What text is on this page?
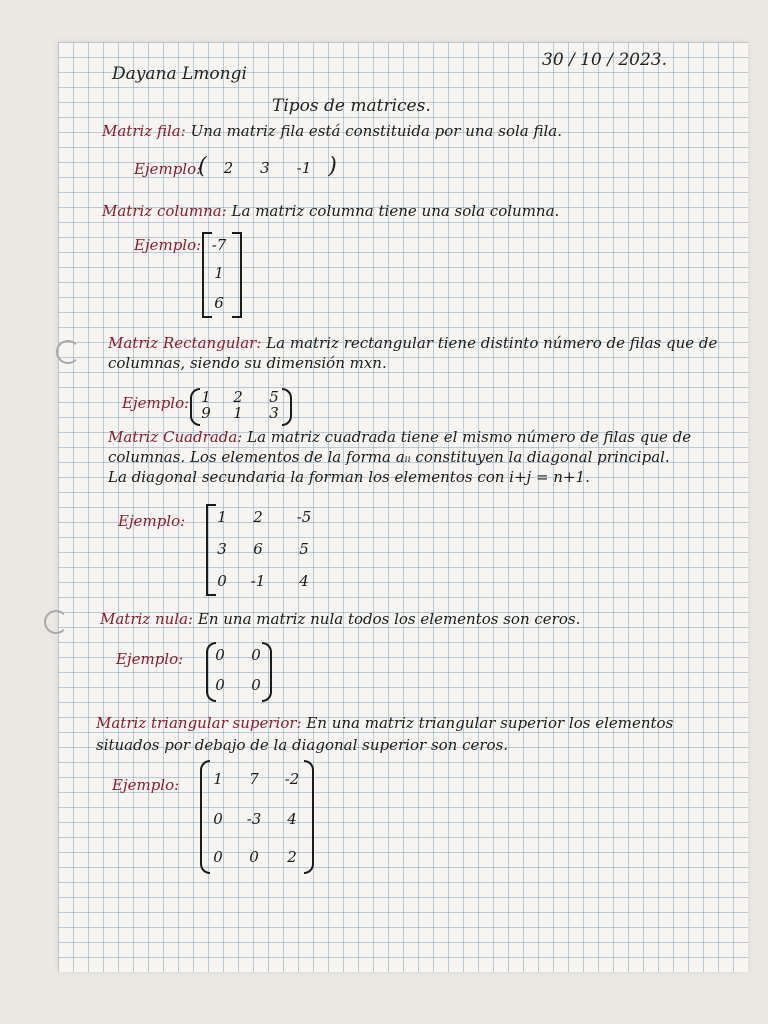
Dayana Lmongi
30 / 10 / 2023.
Tipos de matrices.
Matriz fila: Una matriz fila está constituida por una sola fila.
Ejemplo:
( 2 3 -1 )
Matriz columna: La matriz columna tiene una sola columna.
Ejemplo: -7
1
6
Matriz Rectangular: La matriz rectangular tiene distinto número de filas que de
columnas, siendo su dimensión mxn.
Ejemplo: 1	2	5
9	1	3
Matriz Cuadrada: La matriz cuadrada tiene el mismo número de filas que de
columnas. Los elementos de la forma aᵢᵢ constituyen la diagonal principal.
La diagonal secundaria la forman los elementos con i+j = n+1.
Ejemplo:	1	2	-5
3	6	5
0	-1	4
Matriz nula: En una matriz nula todos los elementos son ceros.
Ejemplo:	0	0
0	0
Matriz triangular superior: En una matriz triangular superior los elementos
situados por debajo de la diagonal superior son ceros.
Ejemplo:	1	7	-2
0	-3	4
0	0	2
